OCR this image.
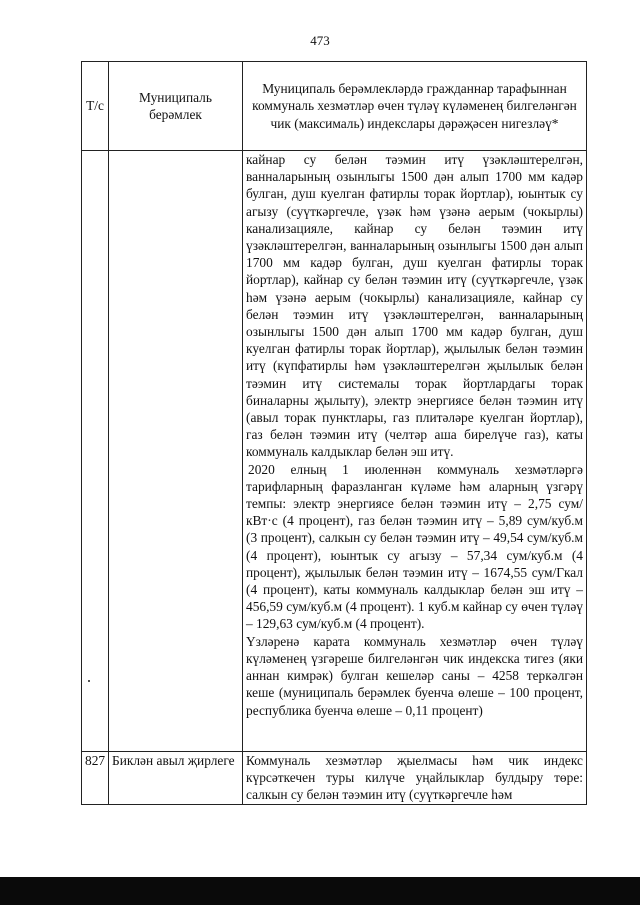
473
Т/с	Муниципаль берәмлек	Муниципаль берәмлекләрдә гражданнар тарафыннан коммуналь хезмәтләр өчен түләү күләменең билгеләнгән чик (максималь) индекслары дәрәҗәсен нигезләү*

		кайнар су белән тәэмин итү үзәкләштерелгән, ванналарының озынлыгы 1500 дән алып 1700 мм кадәр булган, душ куелган фатирлы торак йортлар), юынтык су агызу (суүткәргечле, үзәк һәм үзәнә аерым (чокырлы) канализацияле, кайнар су белән тәэмин итү үзәкләштерелгән, ванналарының озынлыгы 1500 дән алып 1700 мм кадәр булган, душ куелган фатирлы торак йортлар), кайнар су белән тәэмин итү (суүткәргечле, үзәк һәм үзәнә аерым (чокырлы) канализацияле, кайнар су белән тәэмин итү үзәкләштерелгән, ванналарының озынлыгы 1500 дән алып 1700 мм кадәр булган, душ куелган фатирлы торак йортлар), җылылык белән тәэмин итү (күпфатирлы һәм үзәкләштерелгән җылылык белән тәэмин итү системалы торак йортлардагы торак биналарны җылыту), электр энергиясе белән тәэмин итү (авыл торак пунктлары, газ плитәләре куелган йортлар), газ белән тәэмин итү (челтәр аша бирелүче газ), каты коммуналь калдыклар белән эш итү.

2020 елның 1 июленнән коммуналь хезмәтләргә тарифларның фаразланган күләме һәм аларның үзгәрү темпы: электр энергиясе белән тәэмин итү – 2,75 сум/кВт·с (4 процент), газ белән тәэмин итү – 5,89 сум/куб.м (3 процент), салкын су белән тәэмин итү – 49,54 сум/куб.м (4 процент), юынтык су агызу – 57,34 сум/куб.м (4 процент), җылылык белән тәэмин итү – 1674,55 сум/Гкал (4 процент), каты коммуналь калдыклар белән эш итү – 456,59 сум/куб.м (4 процент). 1 куб.м кайнар су өчен түләү – 129,63 сум/куб.м (4 процент).

Үзләренә карата коммуналь хезмәтләр өчен түләү күләменең үзгәреше билгеләнгән чик индекска тигез (яки аннан кимрәк) булган кешеләр саны – 4258 теркәлгән кеше (муниципаль берәмлек буенча өлеше – 100 процент, республика буенча өлеше – 0,11 процент)

827	Биклән авыл җирлеге	Коммуналь хезмәтләр җыелмасы һәм чик индекс күрсәткечен туры килүче уңайлыклар булдыру төре: салкын су белән тәэмин итү (суүткәргечле һәм
